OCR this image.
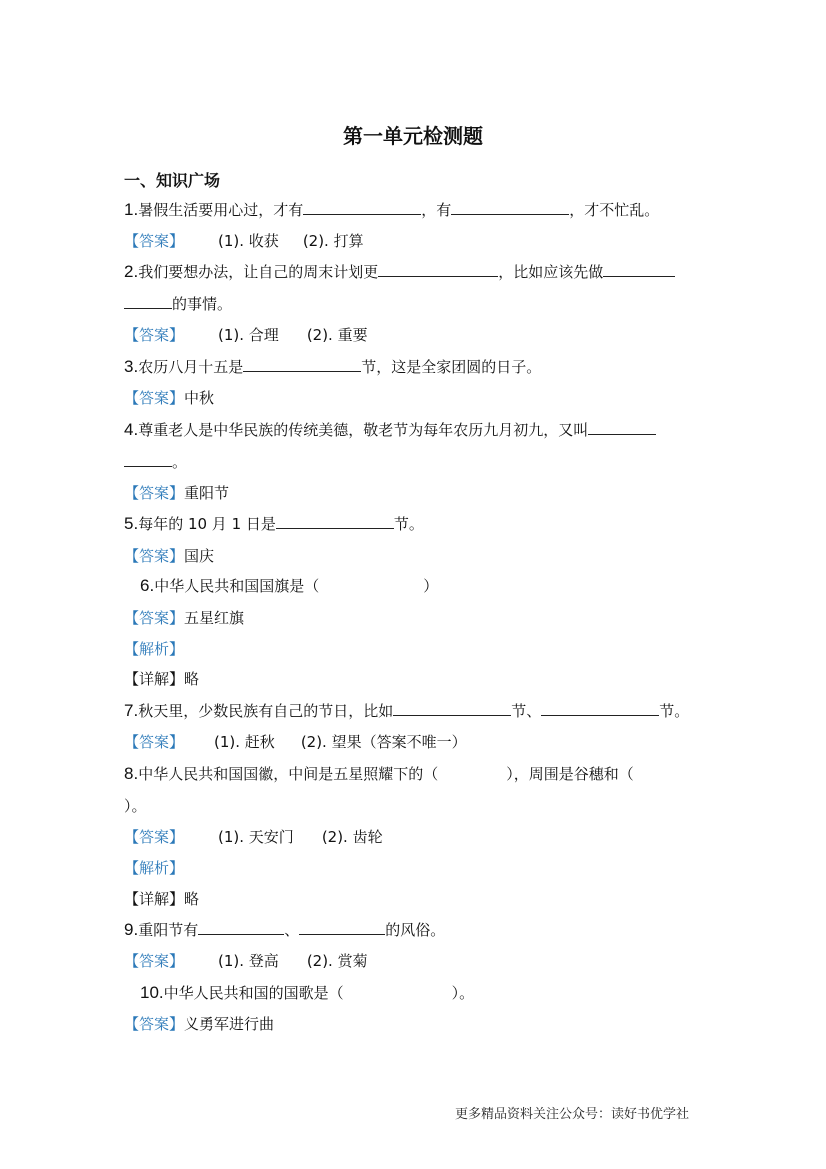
第一单元检测题
一、知识广场
1.暑假生活要用心过，才有	，有	，才不忙乱。
【答案】 (1). 收获 (2). 打算
2.我们要想办法，让自己的周末计划更	，比如应该先做
的事情。
【答案】 (1). 合理 (2). 重要
3.农历八月十五是	节，这是全家团圆的日子。
【答案】中秋
4.尊重老人是中华民族的传统美德，敬老节为每年农历九月初九，又叫
。
【答案】重阳节
5.每年的 10 月 1 日是	节。
【答案】国庆
6.中华人民共和国国旗是（	）
【答案】五星红旗
【解析】
【详解】略
7.秋天里，少数民族有自己的节日，比如	节、	节。
【答案】 (1). 赶秋 (2). 望果（答案不唯一）
8.中华人民共和国国徽，中间是五星照耀下的（	），周围是谷穗和（
）。
【答案】 (1). 天安门 (2). 齿轮
【解析】
【详解】略
9.重阳节有	、	的风俗。
【答案】 (1). 登高 (2). 赏菊
10.中华人民共和国的国歌是（	）。
【答案】义勇军进行曲
更多精品资料关注公众号：读好书优学社
